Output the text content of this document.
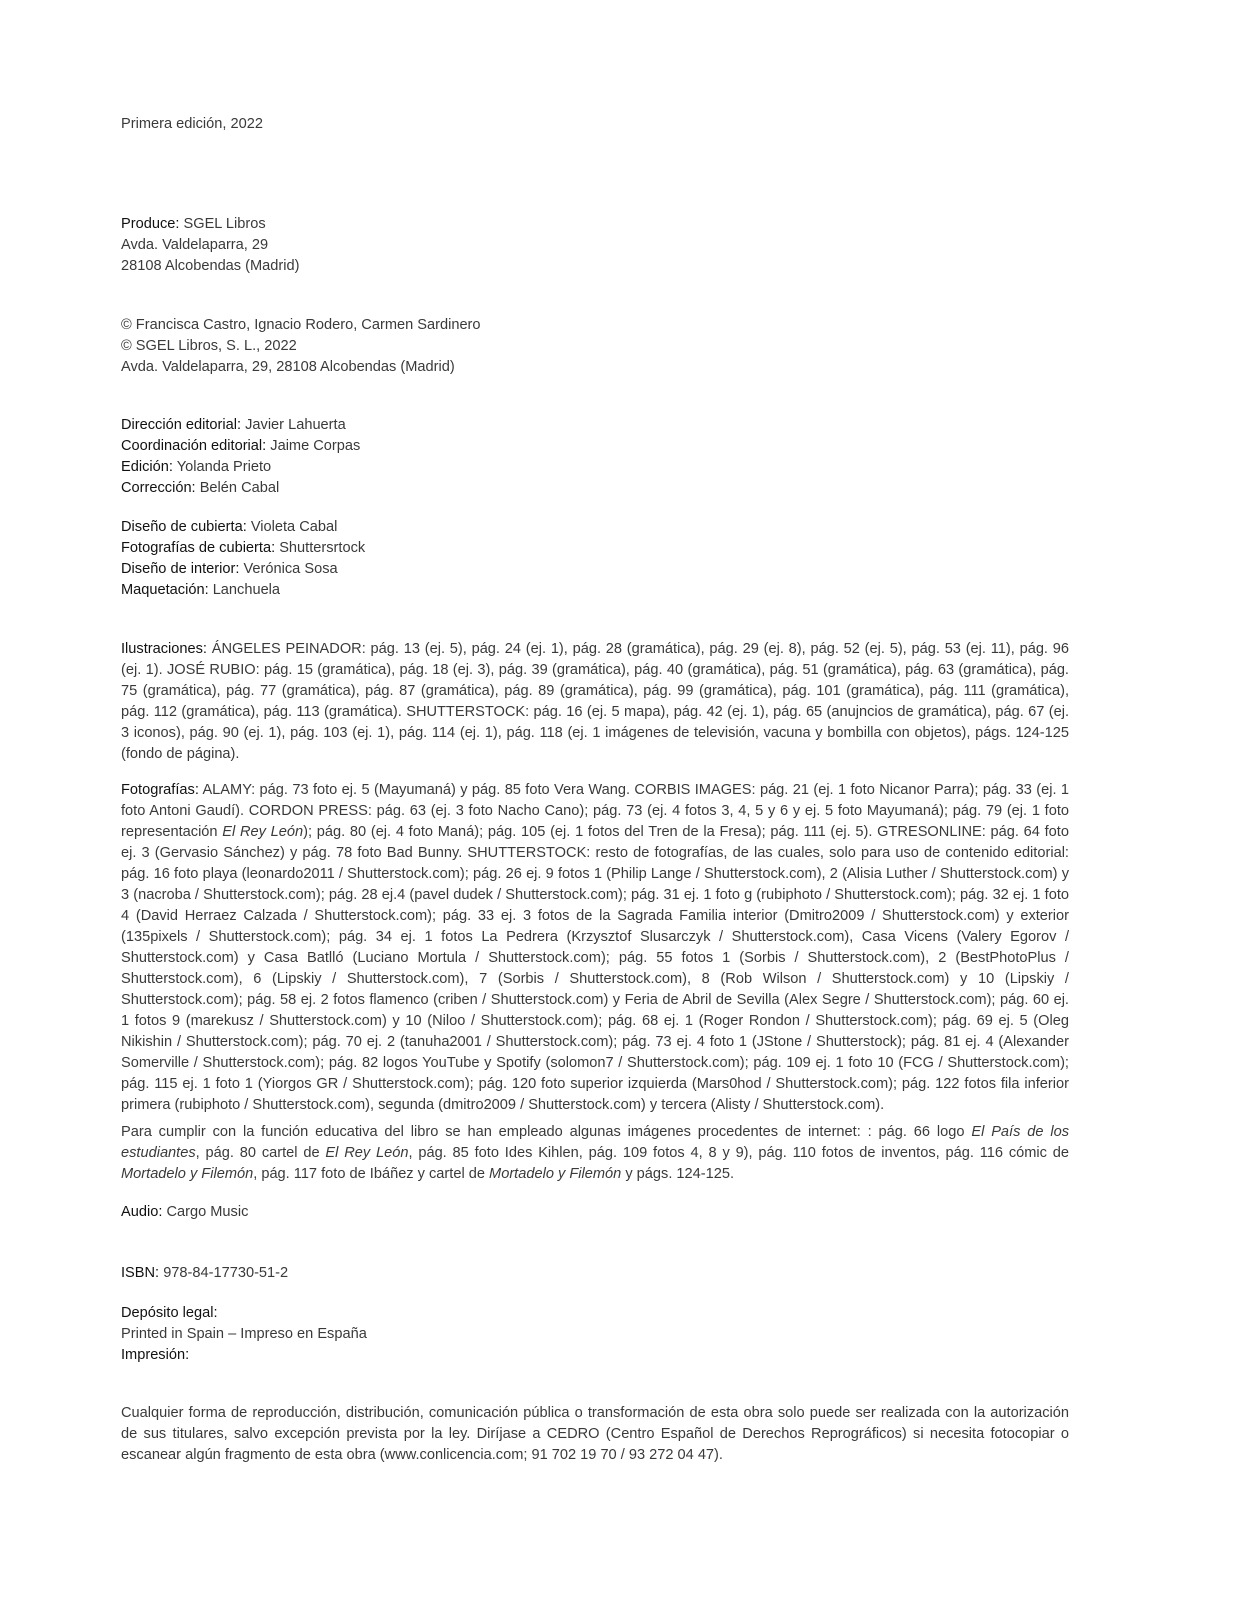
Primera edición, 2022
Produce: SGEL Libros
Avda. Valdelaparra, 29
28108 Alcobendas (Madrid)
© Francisca Castro, Ignacio Rodero, Carmen Sardinero
© SGEL Libros, S. L., 2022
Avda. Valdelaparra, 29, 28108 Alcobendas (Madrid)
Dirección editorial: Javier Lahuerta
Coordinación editorial: Jaime Corpas
Edición: Yolanda Prieto
Corrección: Belén Cabal
Diseño de cubierta: Violeta Cabal
Fotografías de cubierta: Shuttersrtock
Diseño de interior: Verónica Sosa
Maquetación: Lanchuela
Ilustraciones: ÁNGELES PEINADOR: pág. 13 (ej. 5), pág. 24 (ej. 1), pág. 28 (gramática), pág. 29 (ej. 8), pág. 52 (ej. 5), pág. 53 (ej. 11), pág. 96 (ej. 1). JOSÉ RUBIO: pág. 15 (gramática), pág. 18 (ej. 3), pág. 39 (gramática), pág. 40 (gramática), pág. 51 (gramática), pág. 63 (gramática), pág. 75 (gramática), pág. 77 (gramática), pág. 87 (gramática), pág. 89 (gramática), pág. 99 (gramática), pág. 101 (gramática), pág. 111 (gramática), pág. 112 (gramática), pág. 113 (gramática). SHUTTERSTOCK: pág. 16 (ej. 5 mapa), pág. 42 (ej. 1), pág. 65 (anujncios de gramática), pág. 67 (ej. 3 iconos), pág. 90 (ej. 1), pág. 103 (ej. 1), pág. 114 (ej. 1), pág. 118 (ej. 1 imágenes de televisión, vacuna y bombilla con objetos), págs. 124-125 (fondo de página).
Fotografías: ALAMY: pág. 73 foto ej. 5 (Mayumaná) y pág. 85 foto Vera Wang. CORBIS IMAGES: pág. 21 (ej. 1 foto Nicanor Parra); pág. 33 (ej. 1 foto Antoni Gaudí). CORDON PRESS: pág. 63 (ej. 3 foto Nacho Cano); pág. 73 (ej. 4 fotos 3, 4, 5 y 6 y ej. 5 foto Mayumaná); pág. 79 (ej. 1 foto representación El Rey León); pág. 80 (ej. 4 foto Maná); pág. 105 (ej. 1 fotos del Tren de la Fresa); pág. 111 (ej. 5). GTRESONLINE: pág. 64 foto ej. 3 (Gervasio Sánchez) y pág. 78 foto Bad Bunny. SHUTTERSTOCK: resto de fotografías, de las cuales, solo para uso de contenido editorial: pág. 16 foto playa (leonardo2011 / Shutterstock.com); pág. 26 ej. 9 fotos 1 (Philip Lange / Shutterstock.com), 2 (Alisia Luther / Shutterstock.com) y 3 (nacroba / Shutterstock.com); pág. 28 ej.4 (pavel dudek / Shutterstock.com); pág. 31 ej. 1 foto g (rubiphoto / Shutterstock.com); pág. 32 ej. 1 foto 4 (David Herraez Calzada / Shutterstock.com); pág. 33 ej. 3 fotos de la Sagrada Familia interior (Dmitro2009 / Shutterstock.com) y exterior (135pixels / Shutterstock.com); pág. 34 ej. 1 fotos La Pedrera (Krzysztof Slusarczyk / Shutterstock.com), Casa Vicens (Valery Egorov / Shutterstock.com) y Casa Batlló (Luciano Mortula / Shutterstock.com); pág. 55 fotos 1 (Sorbis / Shutterstock.com), 2 (BestPhotoPlus / Shutterstock.com), 6 (Lipskiy / Shutterstock.com), 7 (Sorbis / Shutterstock.com), 8 (Rob Wilson / Shutterstock.com) y 10 (Lipskiy / Shutterstock.com); pág. 58 ej. 2 fotos flamenco (criben / Shutterstock.com) y Feria de Abril de Sevilla (Alex Segre / Shutterstock.com); pág. 60 ej. 1 fotos 9 (marekusz / Shutterstock.com) y 10 (Niloo / Shutterstock.com); pág. 68 ej. 1 (Roger Rondon / Shutterstock.com); pág. 69 ej. 5 (Oleg Nikishin / Shutterstock.com); pág. 70 ej. 2 (tanuha2001 / Shutterstock.com); pág. 73 ej. 4 foto 1 (JStone / Shutterstock); pág. 81 ej. 4 (Alexander Somerville / Shutterstock.com); pág. 82 logos YouTube y Spotify (solomon7 / Shutterstock.com); pág. 109 ej. 1 foto 10 (FCG / Shutterstock.com); pág. 115 ej. 1 foto 1 (Yiorgos GR / Shutterstock.com); pág. 120 foto superior izquierda (Mars0hod / Shutterstock.com); pág. 122 fotos fila inferior primera (rubiphoto / Shutterstock.com), segunda (dmitro2009 / Shutterstock.com) y tercera (Alisty / Shutterstock.com).
Para cumplir con la función educativa del libro se han empleado algunas imágenes procedentes de internet: : pág. 66 logo El País de los estudiantes, pág. 80 cartel de El Rey León, pág. 85 foto Ides Kihlen, pág. 109 fotos 4, 8 y 9), pág. 110 fotos de inventos, pág. 116 cómic de Mortadelo y Filemón, pág. 117 foto de Ibáñez y cartel de Mortadelo y Filemón y págs. 124-125.
Audio: Cargo Music
ISBN: 978-84-17730-51-2
Depósito legal:
Printed in Spain – Impreso en España
Impresión:
Cualquier forma de reproducción, distribución, comunicación pública o transformación de esta obra solo puede ser realizada con la autorización de sus titulares, salvo excepción prevista por la ley. Diríjase a CEDRO (Centro Español de Derechos Reprográficos) si necesita fotocopiar o escanear algún fragmento de esta obra (www.conlicencia.com; 91 702 19 70 / 93 272 04 47).
